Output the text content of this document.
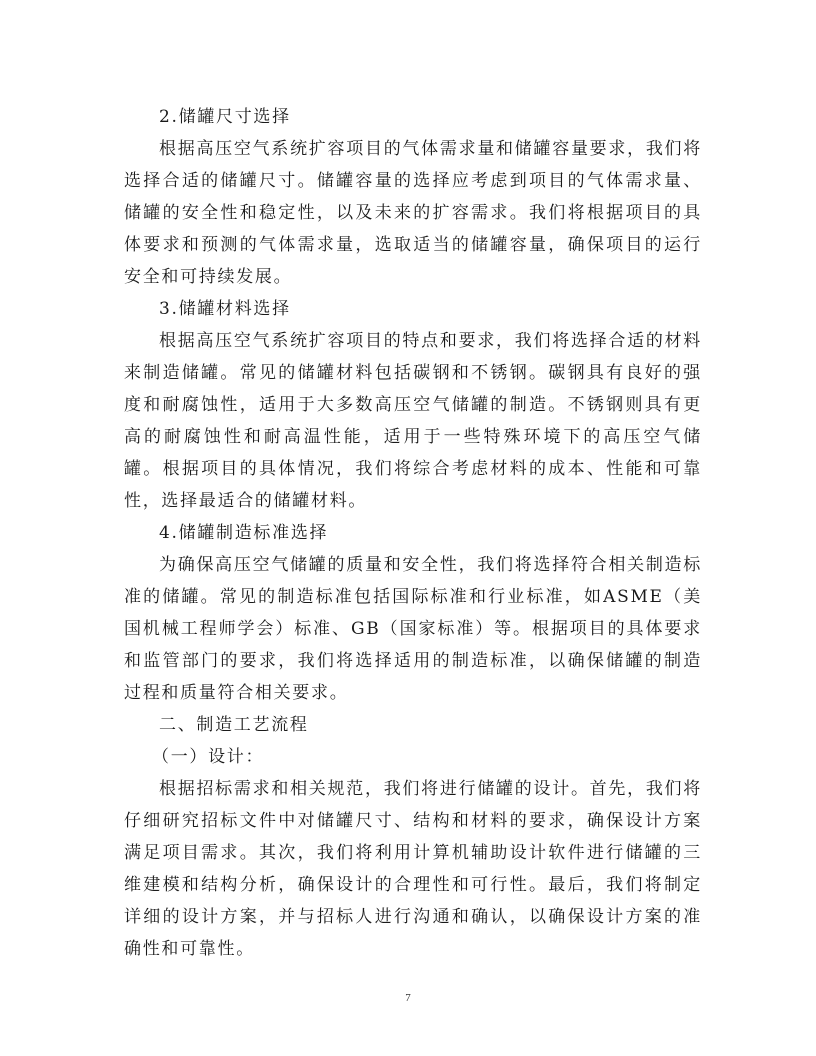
2.储罐尺寸选择

根据高压空气系统扩容项目的气体需求量和储罐容量要求，我们将选择合适的储罐尺寸。储罐容量的选择应考虑到项目的气体需求量、储罐的安全性和稳定性，以及未来的扩容需求。我们将根据项目的具体要求和预测的气体需求量，选取适当的储罐容量，确保项目的运行安全和可持续发展。

3.储罐材料选择

根据高压空气系统扩容项目的特点和要求，我们将选择合适的材料来制造储罐。常见的储罐材料包括碳钢和不锈钢。碳钢具有良好的强度和耐腐蚀性，适用于大多数高压空气储罐的制造。不锈钢则具有更高的耐腐蚀性和耐高温性能，适用于一些特殊环境下的高压空气储罐。根据项目的具体情况，我们将综合考虑材料的成本、性能和可靠性，选择最适合的储罐材料。

4.储罐制造标准选择

为确保高压空气储罐的质量和安全性，我们将选择符合相关制造标准的储罐。常见的制造标准包括国际标准和行业标准，如ASME（美国机械工程师学会）标准、GB（国家标准）等。根据项目的具体要求和监管部门的要求，我们将选择适用的制造标准，以确保储罐的制造过程和质量符合相关要求。

二、制造工艺流程

（一）设计：

根据招标需求和相关规范，我们将进行储罐的设计。首先，我们将仔细研究招标文件中对储罐尺寸、结构和材料的要求，确保设计方案满足项目需求。其次，我们将利用计算机辅助设计软件进行储罐的三维建模和结构分析，确保设计的合理性和可行性。最后，我们将制定详细的设计方案，并与招标人进行沟通和确认，以确保设计方案的准确性和可靠性。

7
